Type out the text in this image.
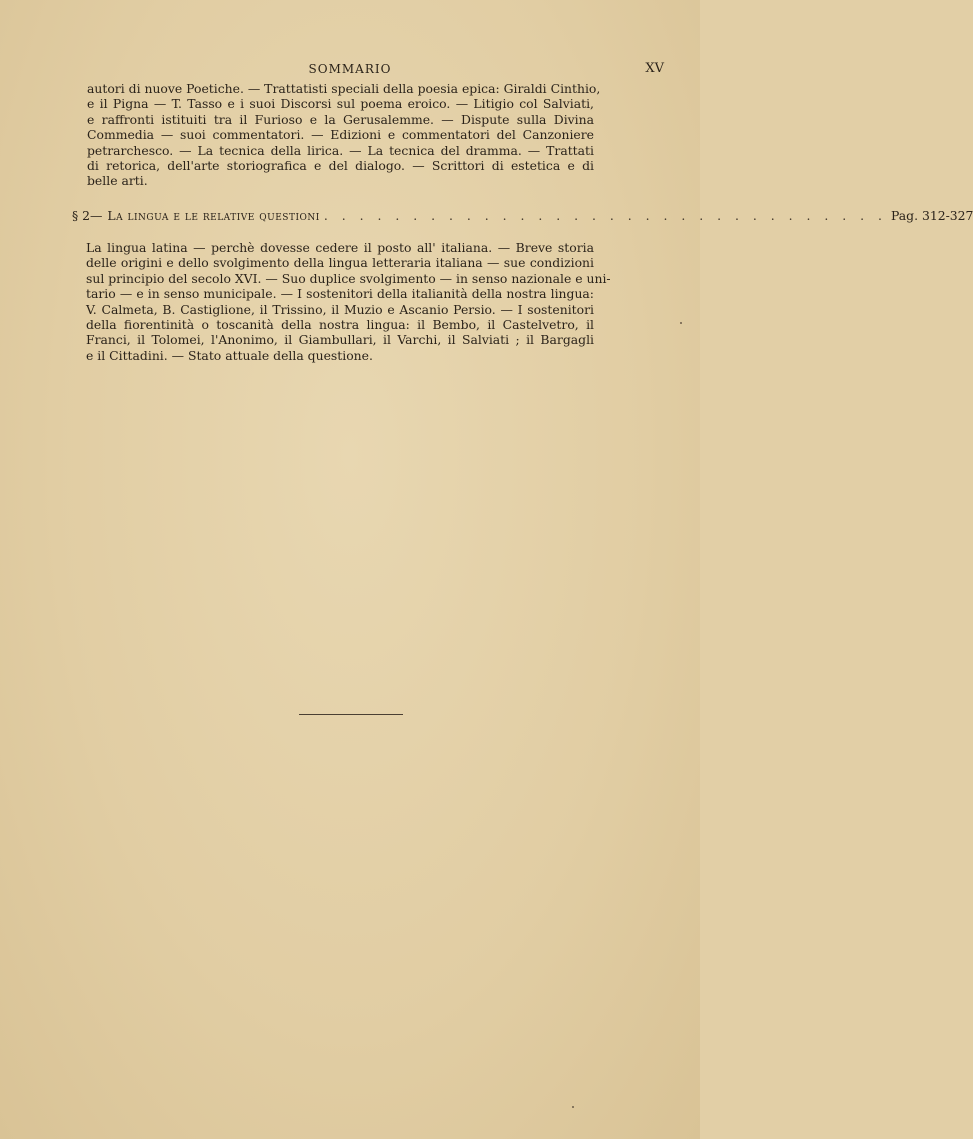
SOMMARIO	XV
autori di nuove Poetiche. — Trattatisti speciali della poesia epica: Giraldi Cinthio,
e il Pigna — T. Tasso e i suoi Discorsi sul poema eroico. — Litigio col Salviati,
e raffronti istituiti tra il Furioso e la Gerusalemme. — Dispute sulla Divina
Commedia — suoi commentatori. — Edizioni e commentatori del Canzoniere
petrarchesco. — La tecnica della lirica. — La tecnica del dramma. — Trattati
di retorica, dell'arte storiografica e del dialogo. — Scrittori di estetica e di
belle arti.
§ 2 — La lingua e le relative questioni . . . . . . . . . . . . . . . . . . . . . . . . . . . . . . . . Pag. 312-327
La lingua latina — perchè dovesse cedere il posto all' italiana. — Breve storia
delle origini e dello svolgimento della lingua letteraria italiana — sue condizioni
sul principio del secolo XVI. — Suo duplice svolgimento — in senso nazionale e uni-
tario — e in senso municipale. — I sostenitori della italianità della nostra lingua:
V. Calmeta, B. Castiglione, il Trissino, il Muzio e Ascanio Persio. — I sostenitori
della fiorentinità o toscanità della nostra lingua: il Bembo, il Castelvetro, il
Franci, il Tolomei, l'Anonimo, il Giambullari, il Varchi, il Salviati ; il Bargagli
e il Cittadini. — Stato attuale della questione.
